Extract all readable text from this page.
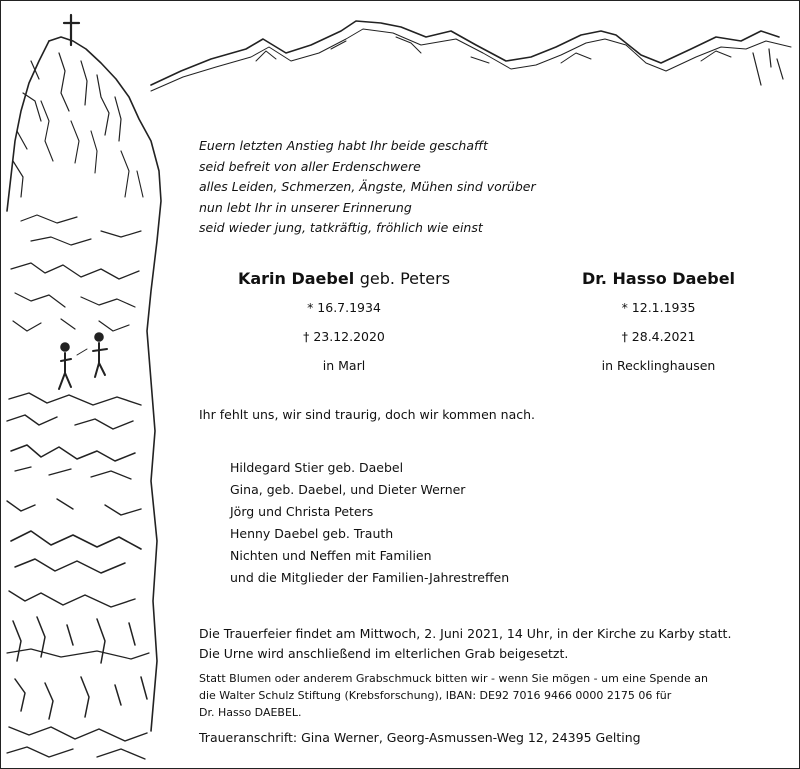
Euern letzten Anstieg habt Ihr beide geschafft
seid befreit von aller Erdenschwere
alles Leiden, Schmerzen, Ängste, Mühen sind vorüber
nun lebt Ihr in unserer Erinnerung
seid wieder jung, tatkräftig, fröhlich wie einst
Karin Daebel geb. Peters
* 16.7.1934
† 23.12.2020
in Marl
Dr. Hasso Daebel
* 12.1.1935
† 28.4.2021
in Recklinghausen
Ihr fehlt uns, wir sind traurig, doch wir kommen nach.
Hildegard Stier geb. Daebel
Gina, geb. Daebel, und Dieter Werner
Jörg und Christa Peters
Henny Daebel geb. Trauth
Nichten und Neffen mit Familien
und die Mitglieder der Familien-Jahrestreffen
Die Trauerfeier findet am Mittwoch, 2. Juni 2021, 14 Uhr, in der Kirche zu Karby statt.
Die Urne wird anschließend im elterlichen Grab beigesetzt.
Statt Blumen oder anderem Grabschmuck bitten wir - wenn Sie mögen - um eine Spende an
die Walter Schulz Stiftung (Krebsforschung), IBAN: DE92 7016 9466 0000 2175 06 für
Dr. Hasso DAEBEL.
Traueranschrift: Gina Werner, Georg-Asmussen-Weg 12, 24395 Gelting
